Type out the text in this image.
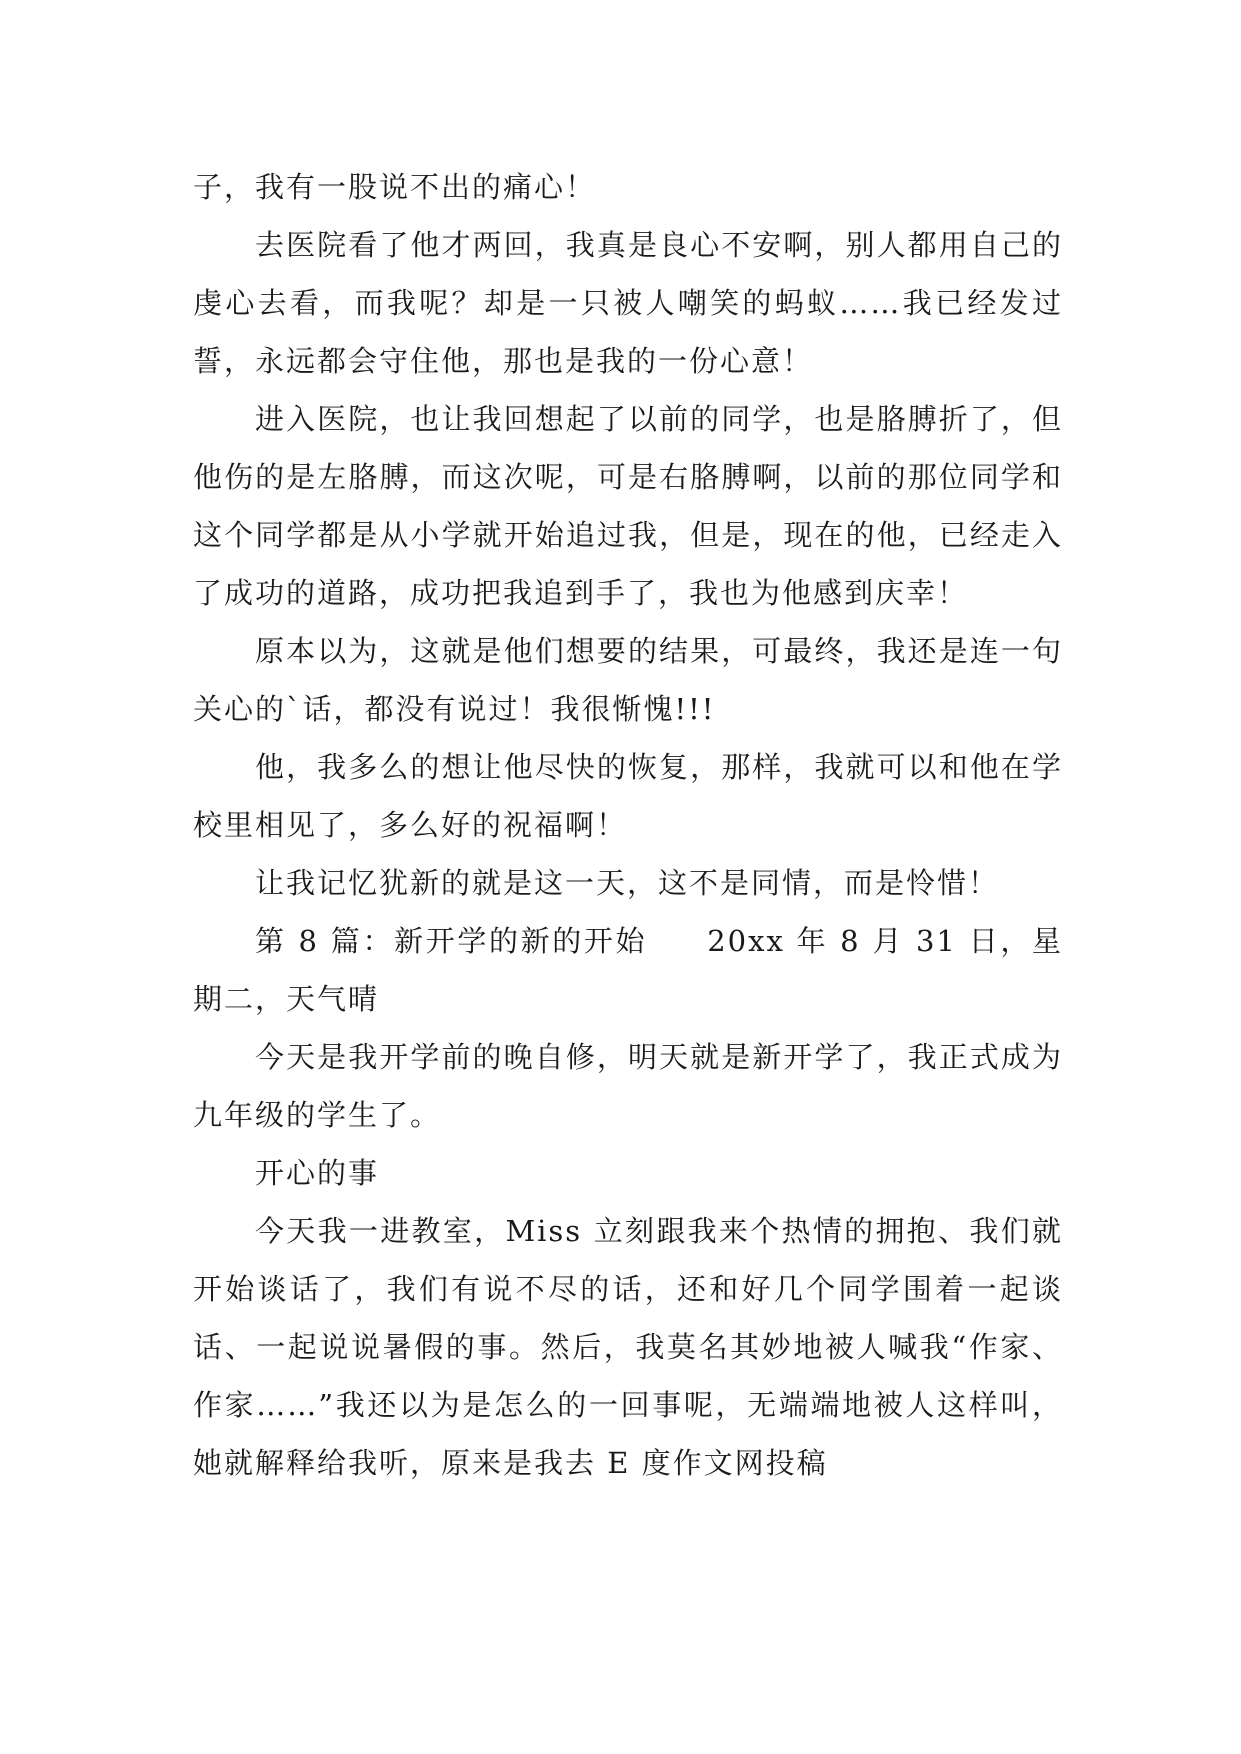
子，我有一股说不出的痛心！

去医院看了他才两回，我真是良心不安啊，别人都用自己的虔心去看，而我呢？却是一只被人嘲笑的蚂蚁……我已经发过誓，永远都会守住他，那也是我的一份心意！

进入医院，也让我回想起了以前的同学，也是胳膊折了，但他伤的是左胳膊，而这次呢，可是右胳膊啊，以前的那位同学和这个同学都是从小学就开始追过我，但是，现在的他，已经走入了成功的道路，成功把我追到手了，我也为他感到庆幸！

原本以为，这就是他们想要的结果，可最终，我还是连一句关心的`话，都没有说过！我很惭愧!!!

他，我多么的想让他尽快的恢复，那样，我就可以和他在学校里相见了，多么好的祝福啊！

让我记忆犹新的就是这一天，这不是同情，而是怜惜！

第 8 篇：新开学的新的开始 20xx 年 8 月 31 日，星期二，天气晴

今天是我开学前的晚自修，明天就是新开学了，我正式成为九年级的学生了。

开心的事

今天我一进教室，Miss 立刻跟我来个热情的拥抱、我们就开始谈话了，我们有说不尽的话，还和好几个同学围着一起谈话、一起说说暑假的事。然后，我莫名其妙地被人喊我“作家、作家……”我还以为是怎么的一回事呢，无端端地被人这样叫，她就解释给我听，原来是我去 E 度作文网投稿
